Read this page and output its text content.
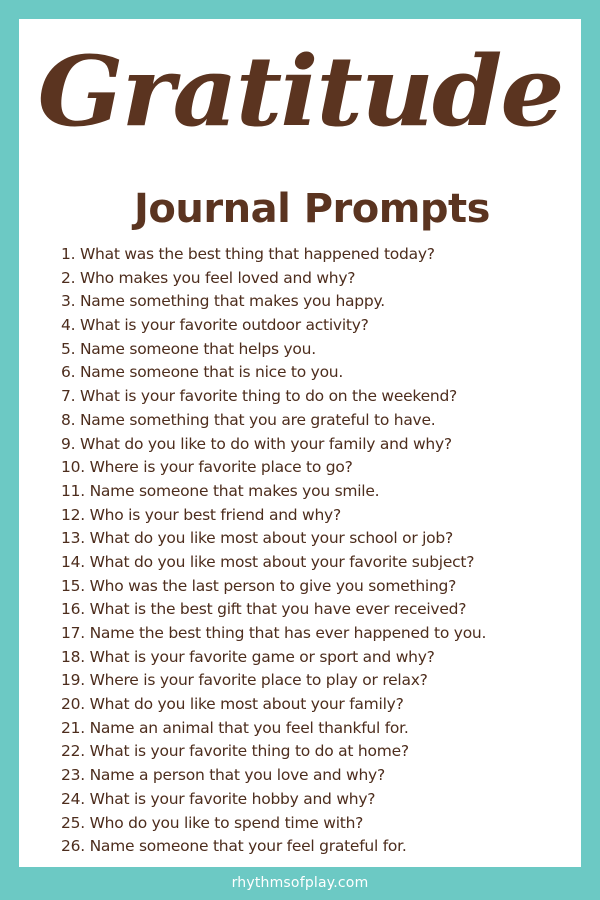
Gratitude
Journal Prompts
1. What was the best thing that happened today?
2. Who makes you feel loved and why?
3. Name something that makes you happy.
4. What is your favorite outdoor activity?
5. Name someone that helps you.
6. Name someone that is nice to you.
7. What is your favorite thing to do on the weekend?
8. Name something that you are grateful to have.
9. What do you like to do with your family and why?
10. Where is your favorite place to go?
11. Name someone that makes you smile.
12. Who is your best friend and why?
13. What do you like most about your school or job?
14. What do you like most about your favorite subject?
15. Who was the last person to give you something?
16. What is the best gift that you have ever received?
17. Name the best thing that has ever happened to you.
18. What is your favorite game or sport and why?
19. Where is your favorite place to play or relax?
20. What do you like most about your family?
21. Name an animal that you feel thankful for.
22. What is your favorite thing to do at home?
23. Name a person that you love and why?
24. What is your favorite hobby and why?
25. Who do you like to spend time with?
26. Name someone that your feel grateful for.
rhythmsofplay.com
